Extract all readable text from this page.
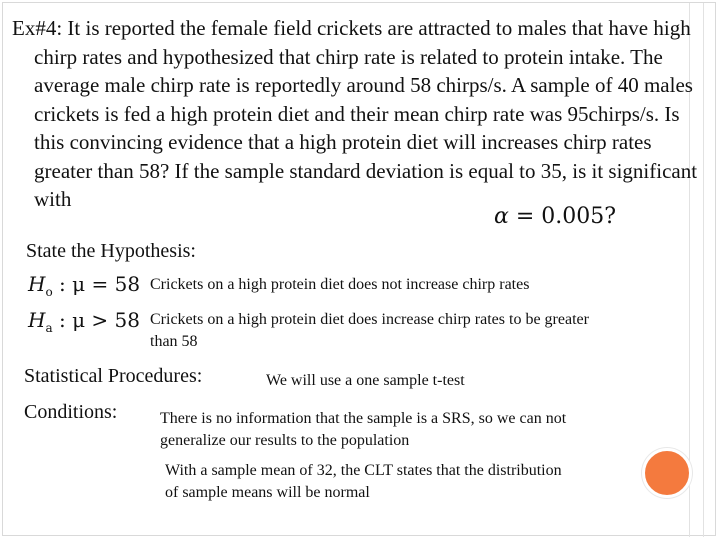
Ex#4: It is reported the female field crickets are attracted to males that have high chirp rates and hypothesized that chirp rate is related to protein intake. The average male chirp rate is reportedly around 58 chirps/s. A sample of 40 males crickets is fed a high protein diet and their mean chirp rate was 95chirps/s. Is this convincing evidence that a high protein diet will increases chirp rates greater than 58? If the sample standard deviation is equal to 35, is it significant with

α = 0.005?
State the Hypothesis:
$H_o$ : μ = 58 Crickets on a high protein diet does not increase chirp rates
$H_a$ : μ > 58 Crickets on a high protein diet does increase chirp rates to be greater than 58
Statistical Procedures:	We will use a one sample t-test
Conditions:	There is no information that the sample is a SRS, so we can not generalize our results to the population
With a sample mean of 32, the CLT states that the distribution of sample means will be normal
